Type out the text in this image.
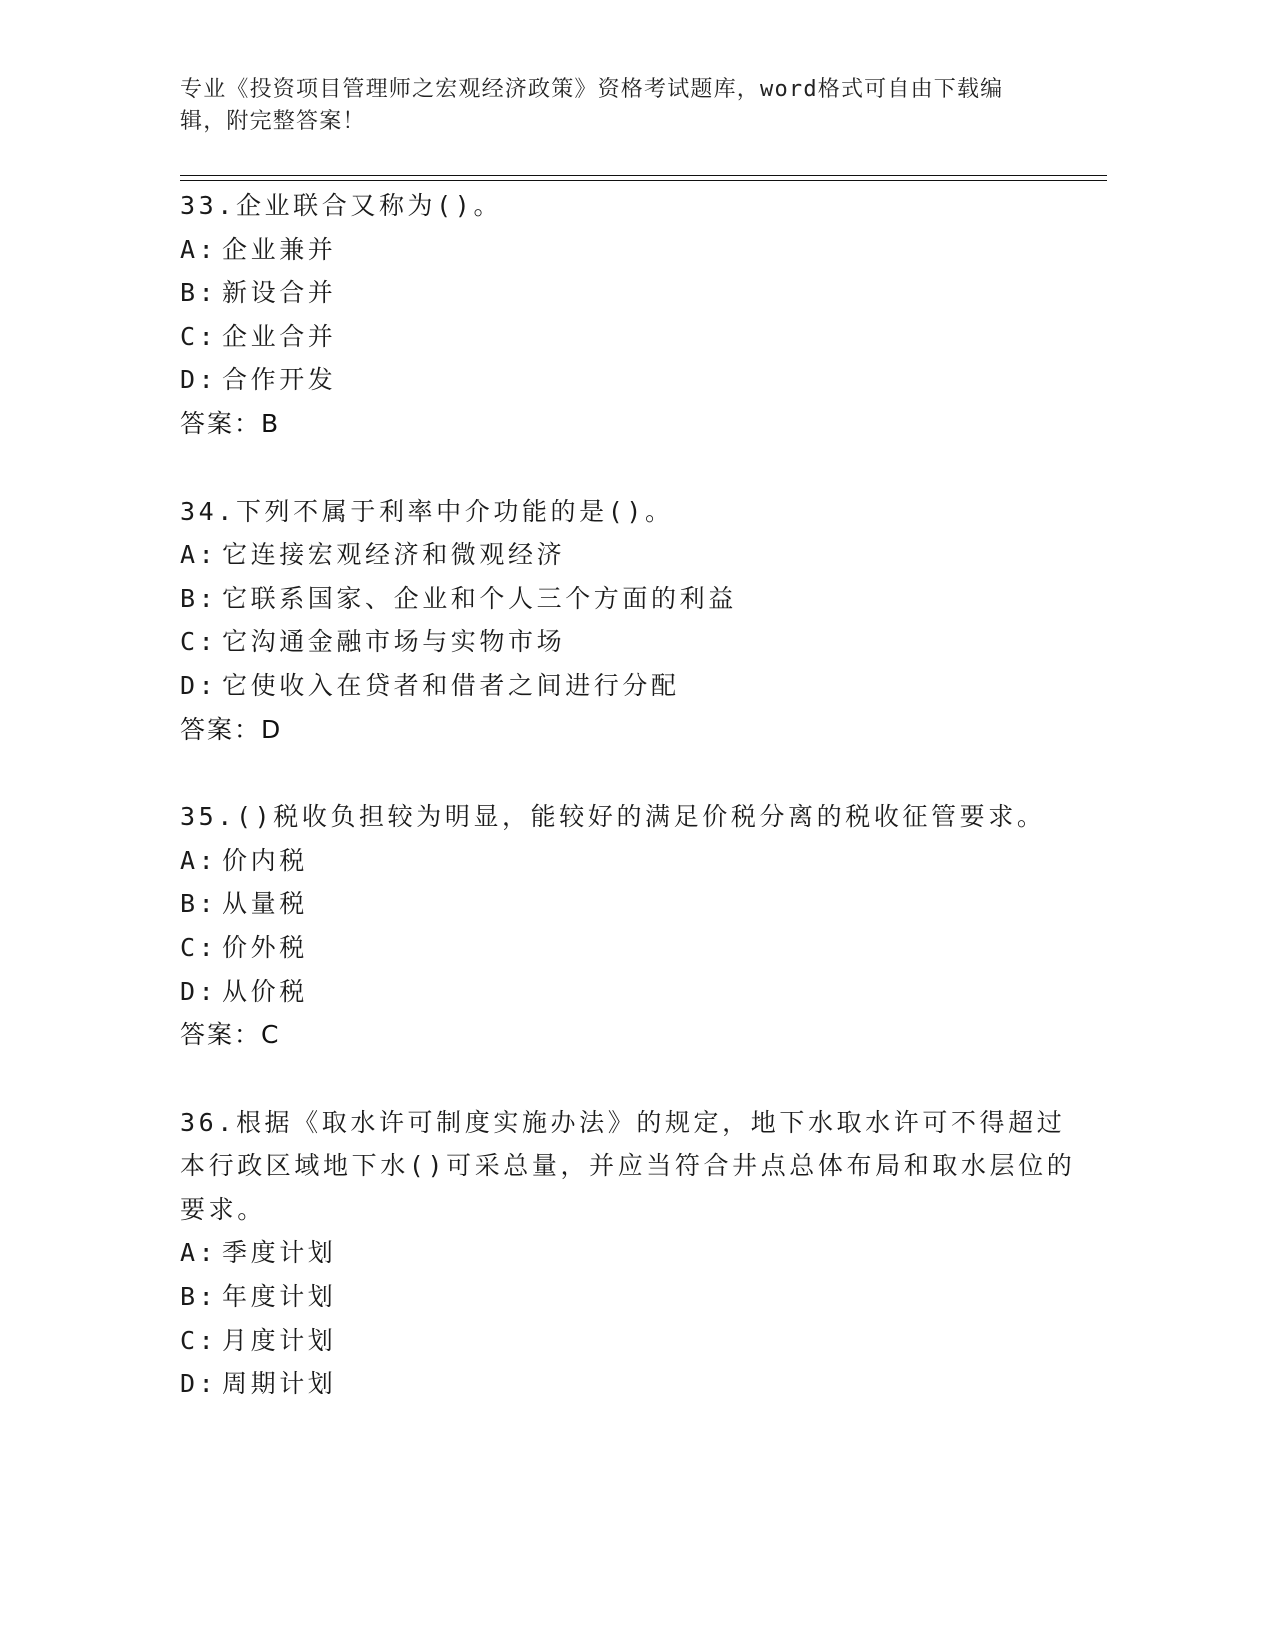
专业《投资项目管理师之宏观经济政策》资格考试题库，word格式可自由下载编辑，附完整答案！

33.企业联合又称为()。

A: 企业兼并
B: 新设合并
C: 企业合并
D: 合作开发

答案：B

34.下列不属于利率中介功能的是()。

A: 它连接宏观经济和微观经济
B: 它联系国家、企业和个人三个方面的利益
C: 它沟通金融市场与实物市场
D: 它使收入在贷者和借者之间进行分配

答案：D

35.()税收负担较为明显，能较好的满足价税分离的税收征管要求。

A: 价内税
B: 从量税
C: 价外税
D: 从价税

答案：C

36.根据《取水许可制度实施办法》的规定，地下水取水许可不得超过本行政区域地下水()可采总量，并应当符合井点总体布局和取水层位的要求。

A: 季度计划
B: 年度计划
C: 月度计划
D: 周期计划
